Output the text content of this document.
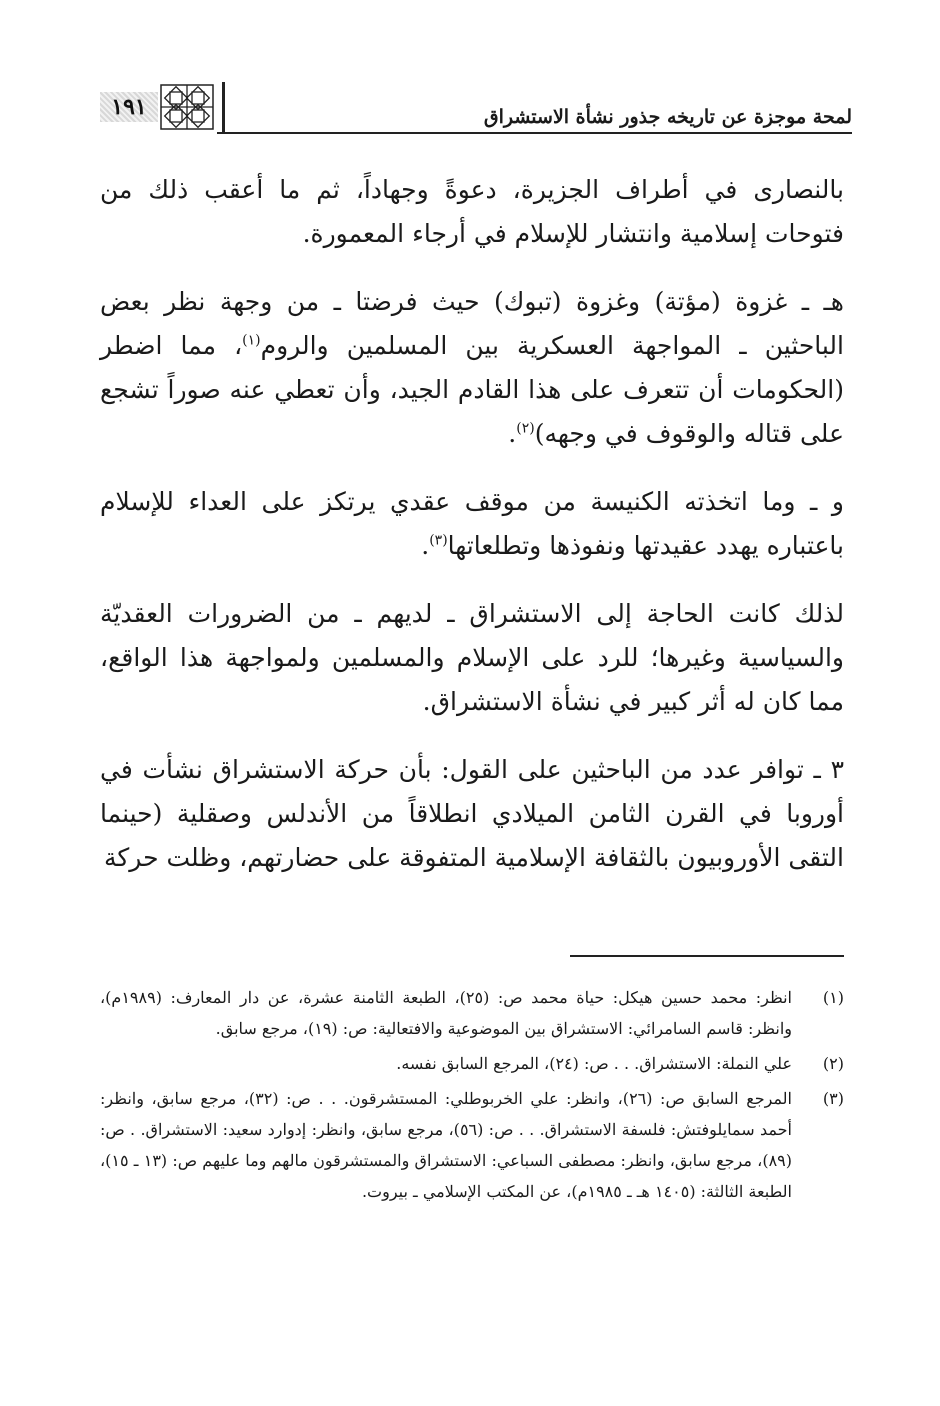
لمحة موجزة عن تاريخه جذور نشأة الاستشراق
١٩١

بالنصارى في أطراف الجزيرة، دعوةً وجهاداً، ثم ما أعقب ذلك من فتوحات إسلامية وانتشار للإسلام في أرجاء المعمورة.

هـ ـ غزوة (مؤتة) وغزوة (تبوك) حيث فرضتا ـ من وجهة نظر بعض الباحثين ـ المواجهة العسكرية بين المسلمين والروم$^{(١)}$، مما اضطر (الحكومات أن تتعرف على هذا القادم الجيد، وأن تعطي عنه صوراً تشجع على قتاله والوقوف في وجهه)$^{(٢)}$.

و ـ وما اتخذته الكنيسة من موقف عقدي يرتكز على العداء للإسلام باعتباره يهدد عقيدتها ونفوذها وتطلعاتها$^{(٣)}$.

لذلك كانت الحاجة إلى الاستشراق ـ لديهم ـ من الضرورات العقديّة والسياسية وغيرها؛ للرد على الإسلام والمسلمين ولمواجهة هذا الواقع، مما كان له أثر كبير في نشأة الاستشراق.

٣ ـ توافر عدد من الباحثين على القول: بأن حركة الاستشراق نشأت في أوروبا في القرن الثامن الميلادي انطلاقاً من الأندلس وصقلية (حينما التقى الأوروبيون بالثقافة الإسلامية المتفوقة على حضارتهم، وظلت حركة

(١)
انظر: محمد حسين هيكل: حياة محمد ص: (٢٥)، الطبعة الثامنة عشرة، عن دار المعارف: (١٩٨٩م)، وانظر: قاسم السامرائي: الاستشراق بين الموضوعية والافتعالية: ص: (١٩)، مرجع سابق.
(٢)
علي النملة: الاستشراق. . . ص: (٢٤)، المرجع السابق نفسه.
(٣)
المرجع السابق ص: (٢٦)، وانظر: علي الخربوطلي: المستشرقون. . . ص: (٣٢)، مرجع سابق، وانظر: أحمد سمايلوفتش: فلسفة الاستشراق. . . ص: (٥٦)، مرجع سابق، وانظر: إدوارد سعيد: الاستشراق. . ص: (٨٩)، مرجع سابق، وانظر: مصطفى السباعي: الاستشراق والمستشرقون مالهم وما عليهم ص: (١٣ ـ ١٥)، الطبعة الثالثة: (١٤٠٥ هـ ـ ١٩٨٥م)، عن المكتب الإسلامي ـ بيروت.
